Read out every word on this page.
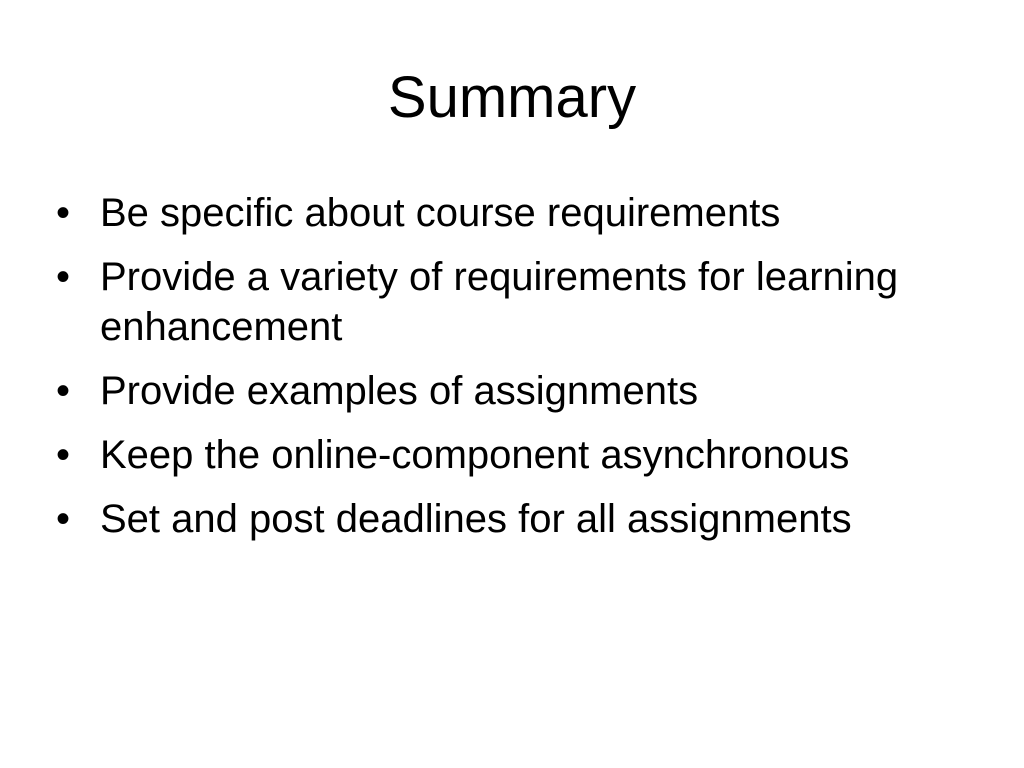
Summary
• Be specific about course requirements
• Provide a variety of requirements for learning enhancement
• Provide examples of assignments
• Keep the online-component asynchronous
• Set and post deadlines for all assignments
